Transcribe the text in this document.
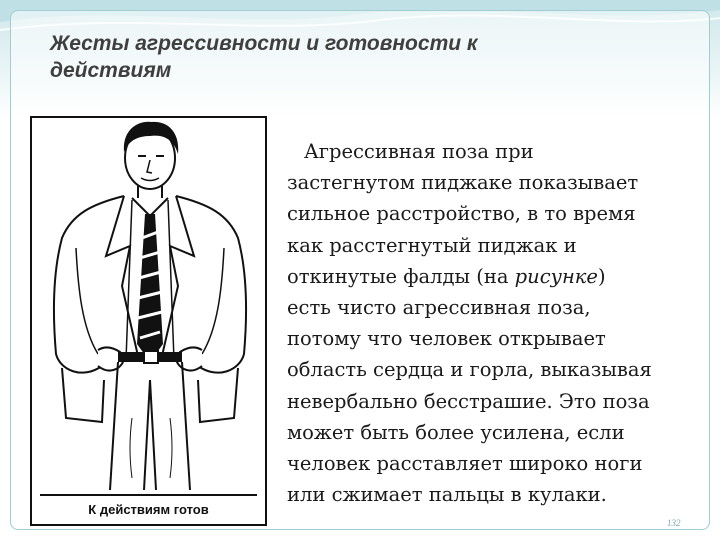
Жесты агрессивности и готовности к действиям
К действиям готов
Агрессивная поза при
застегнутом пиджаке показывает
сильное расстройство, в то время
как расстегнутый пиджак и
откинутые фалды (на рисунке)
есть чисто агрессивная поза,
потому что человек открывает
область сердца и горла, выказывая
невербально бесстрашие. Это поза
может быть более усилена, если
человек расставляет широко ноги
или сжимает пальцы в кулаки.
132
